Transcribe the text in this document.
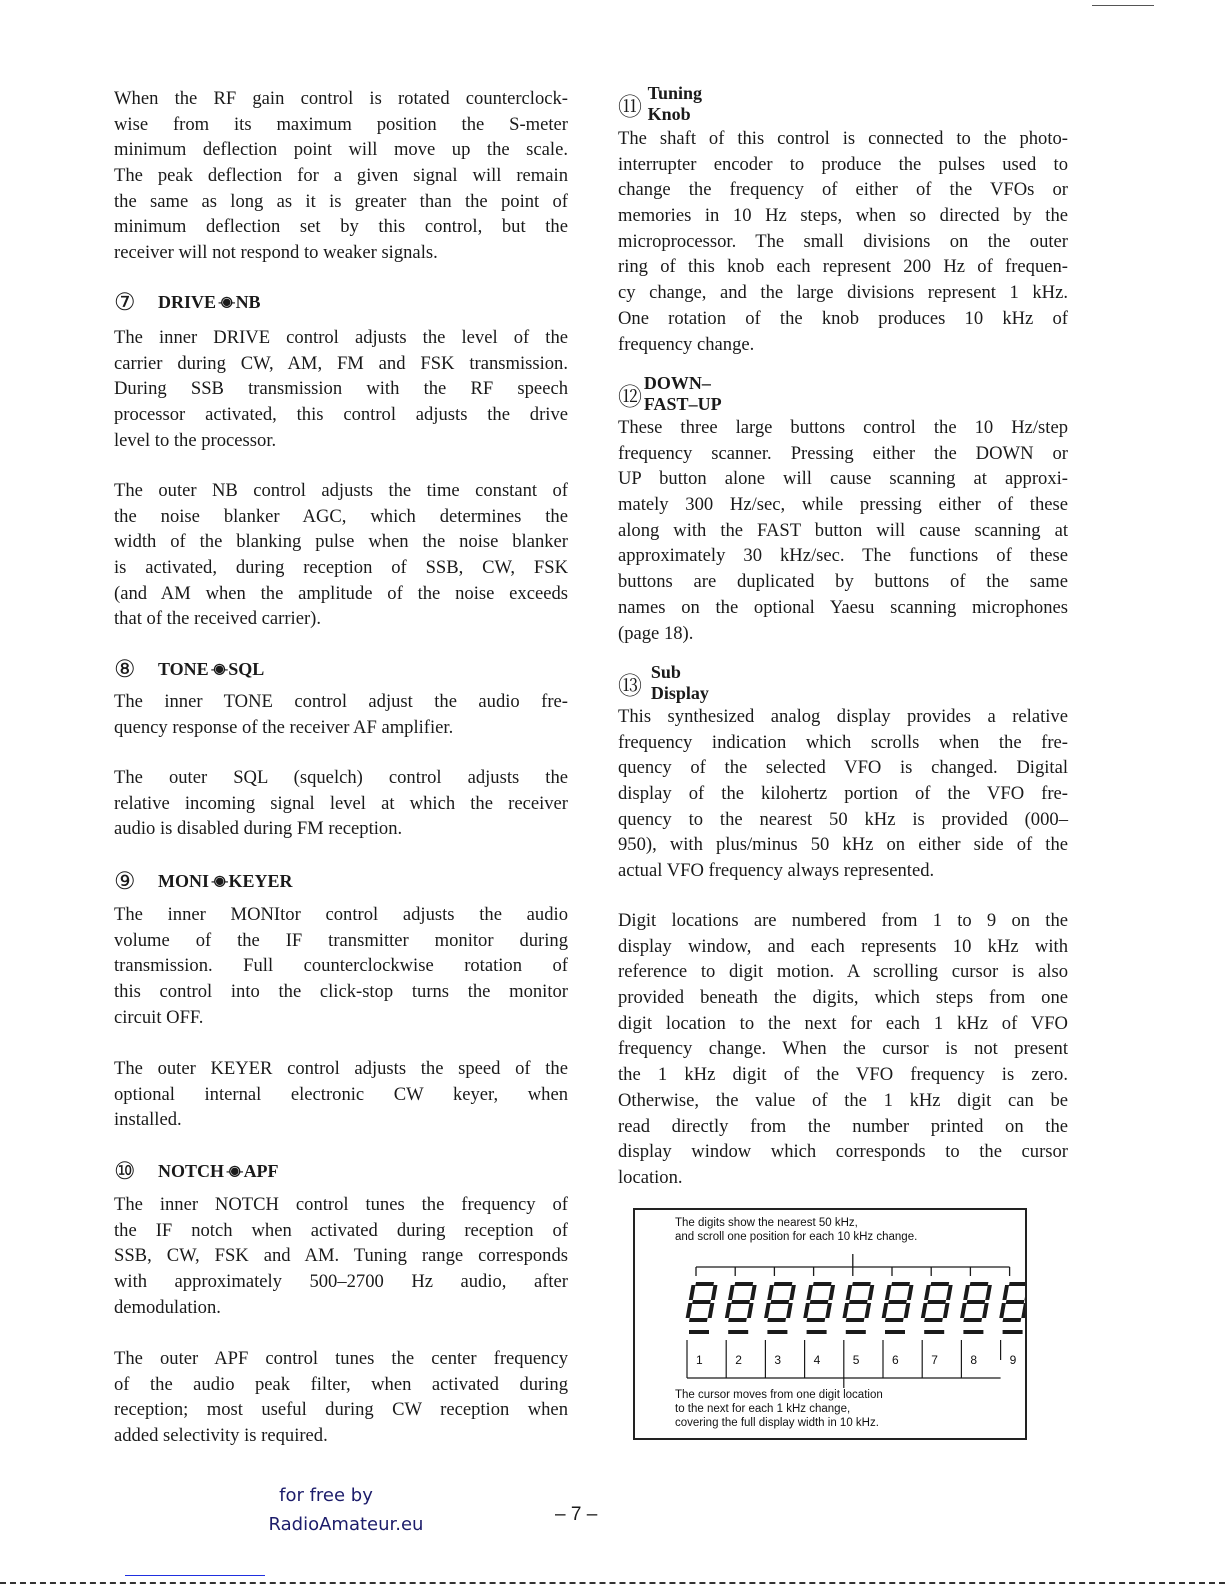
When the RF gain control is rotated counterclock-
wise from its maximum position the S-meter
minimum deflection point will move up the scale.
The peak deflection for a given signal will remain
the same as long as it is greater than the point of
minimum deflection set by this control, but the
receiver will not respond to weaker signals.
⑦	DRIVE -◉- NB
The inner DRIVE control adjusts the level of the
carrier during CW, AM, FM and FSK transmission.
During SSB transmission with the RF speech
processor activated, this control adjusts the drive
level to the processor.
The outer NB control adjusts the time constant of
the noise blanker AGC, which determines the
width of the blanking pulse when the noise blanker
is activated, during reception of SSB, CW, FSK
(and AM when the amplitude of the noise exceeds
that of the received carrier).
⑧	TONE -◉- SQL
The inner TONE control adjust the audio fre-
quency response of the receiver AF amplifier.
The outer SQL (squelch) control adjusts the
relative incoming signal level at which the receiver
audio is disabled during FM reception.
⑨	MONI -◉- KEYER
The inner MONItor control adjusts the audio
volume of the IF transmitter monitor during
transmission. Full counterclockwise rotation of
this control into the click-stop turns the monitor
circuit OFF.
The outer KEYER control adjusts the speed of the
optional internal electronic CW keyer, when
installed.
⑩	NOTCH -◉- APF
The inner NOTCH control tunes the frequency of
the IF notch when activated during reception of
SSB, CW, FSK and AM. Tuning range corresponds
with approximately 500–2700 Hz audio, after
demodulation.
The outer APF control tunes the center frequency
of the audio peak filter, when activated during
reception; most useful during CW reception when
added selectivity is required.
⑪
Tuning Knob
The shaft of this control is connected to the photo-
interrupter encoder to produce the pulses used to
change the frequency of either of the VFOs or
memories in 10 Hz steps, when so directed by the
microprocessor. The small divisions on the outer
ring of this knob each represent 200 Hz of frequen-
cy change, and the large divisions represent 1 kHz.
One rotation of the knob produces 10 kHz of
frequency change.
⑫
DOWN–FAST–UP
These three large buttons control the 10 Hz/step
frequency scanner. Pressing either the DOWN or
UP button alone will cause scanning at approxi-
mately 300 Hz/sec, while pressing either of these
along with the FAST button will cause scanning at
approximately 30 kHz/sec. The functions of these
buttons are duplicated by buttons of the same
names on the optional Yaesu scanning microphones
(page 18).
⑬
Sub Display
This synthesized analog display provides a relative
frequency indication which scrolls when the fre-
quency of the selected VFO is changed. Digital
display of the kilohertz portion of the VFO fre-
quency to the nearest 50 kHz is provided (000–
950), with plus/minus 50 kHz on either side of the
actual VFO frequency always represented.
Digit locations are numbered from 1 to 9 on the
display window, and each represents 10 kHz with
reference to digit motion. A scrolling cursor is also
provided beneath the digits, which steps from one
digit location to the next for each 1 kHz of VFO
frequency change. When the cursor is not present
the 1 kHz digit of the VFO frequency is zero.
Otherwise, the value of the 1 kHz digit can be
read directly from the number printed on the
display window which corresponds to the cursor
location.
The digits show the nearest 50 kHz,
and scroll one position for each 10 kHz change.
1	2	3	4	5	6	7	8	9
The cursor moves from one digit location
to the next for each 1 kHz change,
covering the full display width in 10 kHz.
for free by
RadioAmateur.eu	– 7 –
